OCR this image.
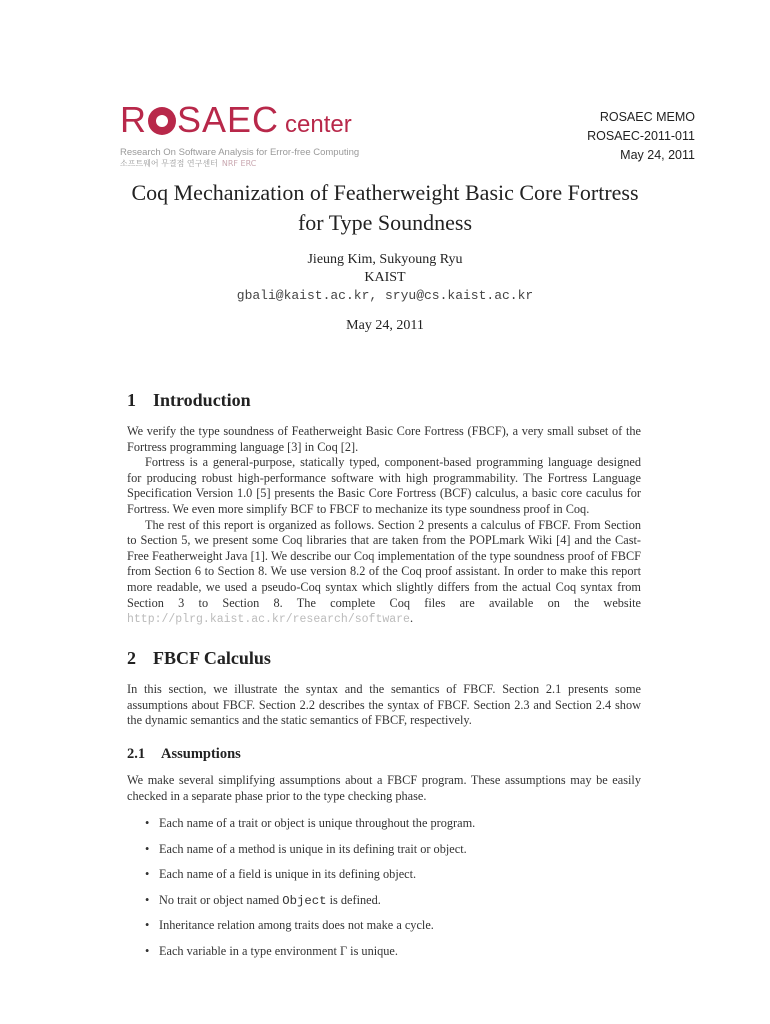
R SAEC center
Research On Software Analysis for Error-free Computing
소프트웨어 무결점 연구센터 NRF ERC
ROSAEC MEMO
ROSAEC-2011-011
May 24, 2011
Coq Mechanization of Featherweight Basic Core Fortress
for Type Soundness
Jieung Kim, Sukyoung Ryu
KAIST
gbali@kaist.ac.kr, sryu@cs.kaist.ac.kr
May 24, 2011
1 Introduction

We verify the type soundness of Featherweight Basic Core Fortress (FBCF), a very small subset of the Fortress programming language [3] in Coq [2].

Fortress is a general-purpose, statically typed, component-based programming language designed for producing robust high-performance software with high programmability. The Fortress Language Specification Version 1.0 [5] presents the Basic Core Fortress (BCF) calculus, a basic core caculus for Fortress. We even more simplify BCF to FBCF to mechanize its type soundness proof in Coq.

The rest of this report is organized as follows. Section 2 presents a calculus of FBCF. From Section to Section 5, we present some Coq libraries that are taken from the POPLmark Wiki [4] and the Cast-Free Featherweight Java [1]. We describe our Coq implementation of the type soundness proof of FBCF from Section 6 to Section 8. We use version 8.2 of the Coq proof assistant. In order to make this report more readable, we used a pseudo-Coq syntax which slightly differs from the actual Coq syntax from Section 3 to Section 8. The complete Coq files are available on the website http://plrg.kaist.ac.kr/research/software.

2 FBCF Calculus

In this section, we illustrate the syntax and the semantics of FBCF. Section 2.1 presents some assumptions about FBCF. Section 2.2 describes the syntax of FBCF. Section 2.3 and Section 2.4 show the dynamic semantics and the static semantics of FBCF, respectively.

2.1 Assumptions

We make several simplifying assumptions about a FBCF program. These assumptions may be easily checked in a separate phase prior to the type checking phase.

• Each name of a trait or object is unique throughout the program.
• Each name of a method is unique in its defining trait or object.
• Each name of a field is unique in its defining object.
• No trait or object named Object is defined.
• Inheritance relation among traits does not make a cycle.
• Each variable in a type environment Γ is unique.
